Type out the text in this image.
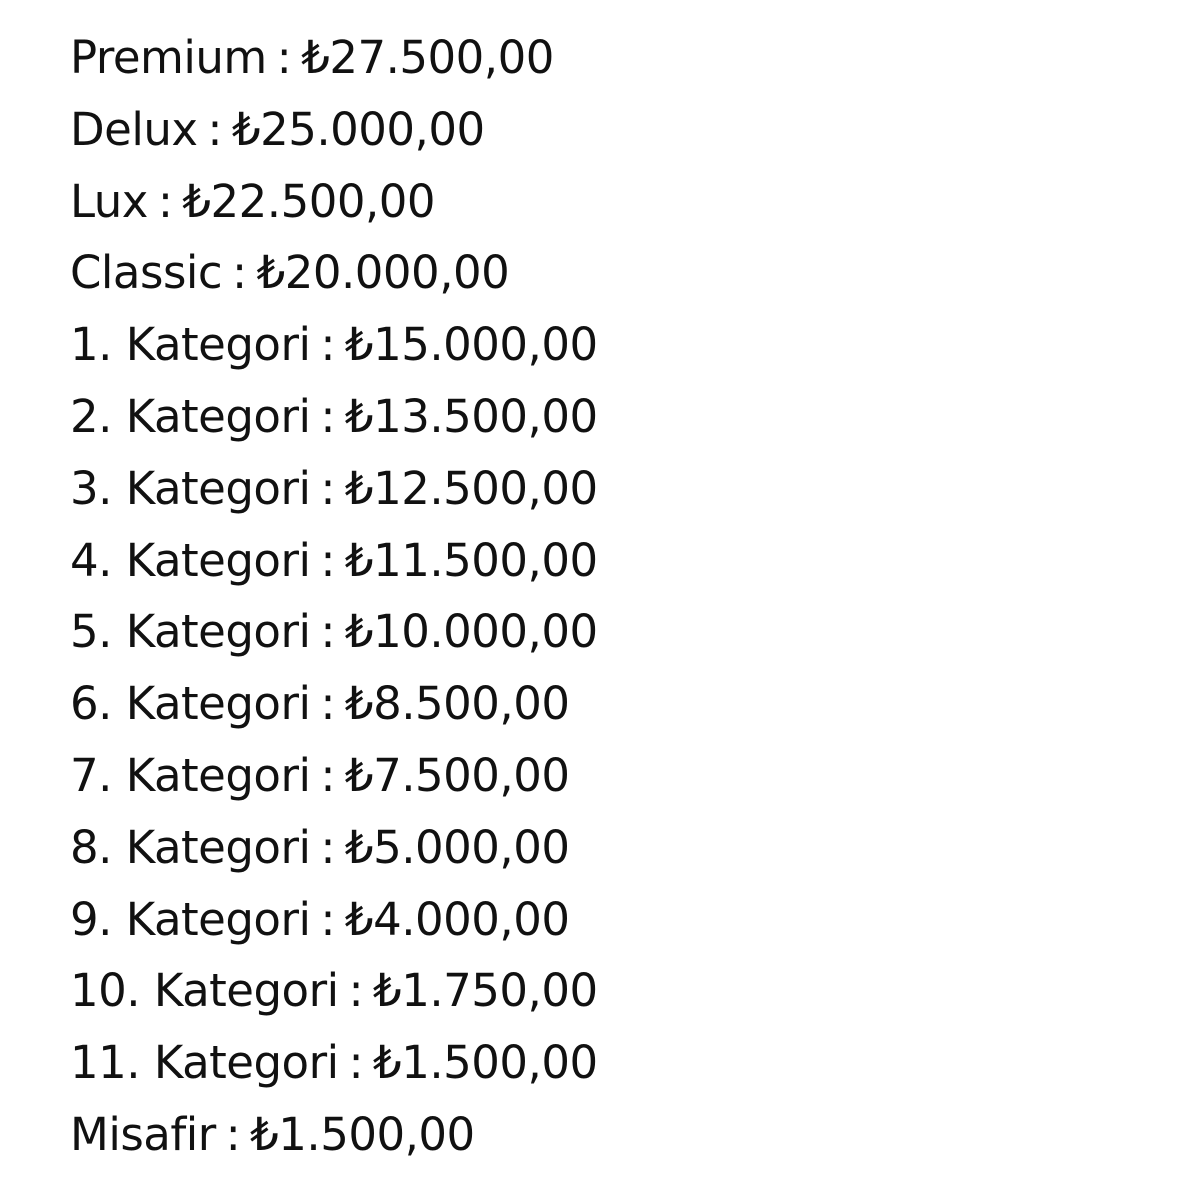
Premium : ₺27.500,00
Delux : ₺25.000,00
Lux : ₺22.500,00
Classic : ₺20.000,00
1. Kategori : ₺15.000,00
2. Kategori : ₺13.500,00
3. Kategori : ₺12.500,00
4. Kategori : ₺11.500,00
5. Kategori : ₺10.000,00
6. Kategori : ₺8.500,00
7. Kategori : ₺7.500,00
8. Kategori : ₺5.000,00
9. Kategori : ₺4.000,00
10. Kategori : ₺1.750,00
11. Kategori : ₺1.500,00
Misafir : ₺1.500,00
